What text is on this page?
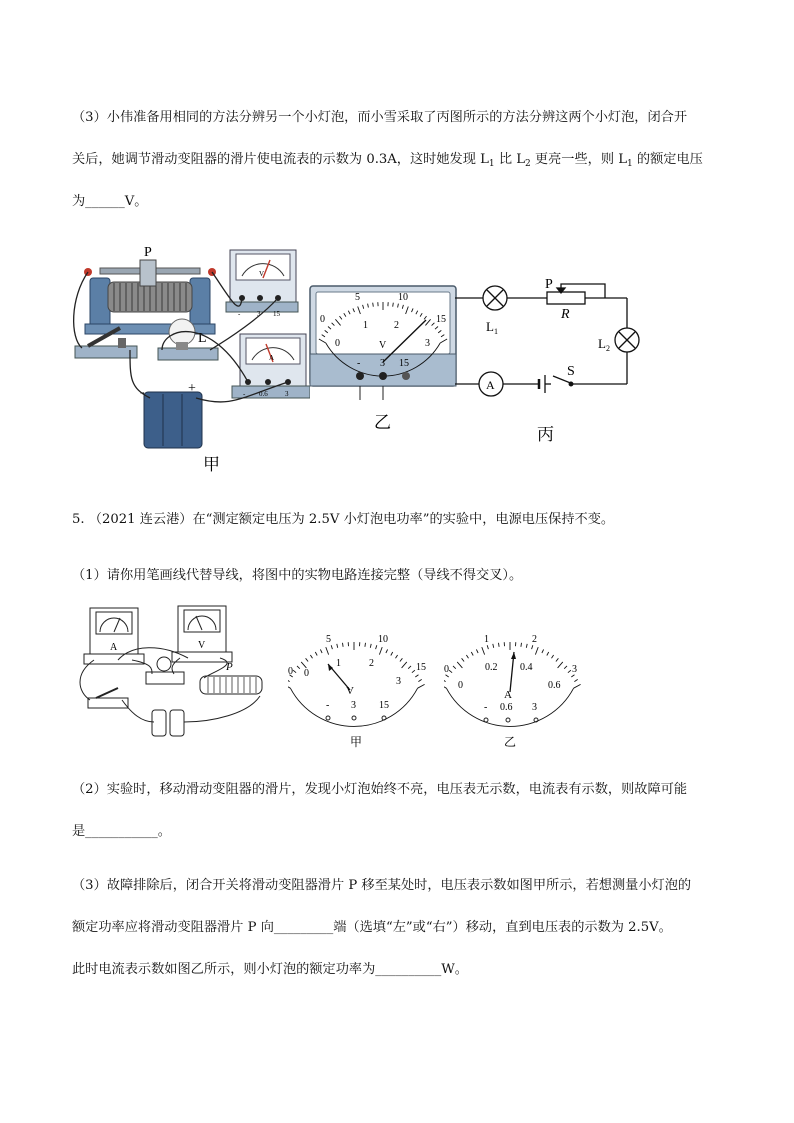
（3）小伟准备用相同的方法分辨另一个小灯泡，而小雪采取了丙图所示的方法分辨这两个小灯泡，闭合开
关后，她调节滑动变阻器的滑片使电流表的示数为 0.3A，这时她发现 $L_1$ 比 $L_2$ 更亮一些，则 $L_1$ 的额定电压
为______V。
P
L
-	+
V
- 3 15
A
- 0.6 3
甲
0
5	10
15
0
1	2
3
V
- 3 15
乙
$L_1$
P
R
$L_2$
A
S
丙
5. （2021 连云港）在“测定额定电压为 2.5V 小灯泡电功率”的实验中，电源电压保持不变。
（1）请你用笔画线代替导线，将图中的实物电路连接完整（导线不得交叉）。
A	V
P	0
5	10
15
0
1	2
3
V
- 3 15
甲
0
1	2
3
0
0.2 0.4
0.6
A
- 0.6 3
乙
（2）实验时，移动滑动变阻器的滑片，发现小灯泡始终不亮，电压表无示数，电流表有示数，则故障可能
是___________。
（3）故障排除后，闭合开关将滑动变阻器滑片 P 移至某处时，电压表示数如图甲所示，若想测量小灯泡的
额定功率应将滑动变阻器滑片 P 向_________端（选填“左”或“右”）移动，直到电压表的示数为 2.5V。
此时电流表示数如图乙所示，则小灯泡的额定功率为__________W。
